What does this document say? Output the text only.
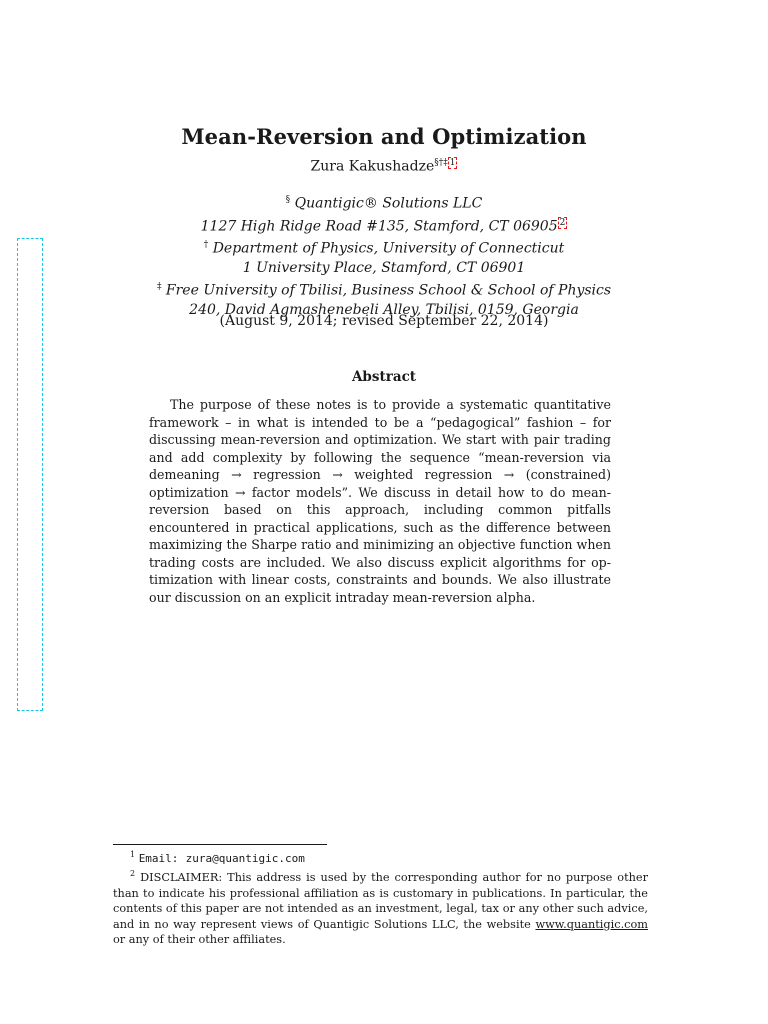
Mean-Reversion and Optimization
Zura Kakushadze§†‡ $^1$
§ Quantigic® Solutions LLC
1127 High Ridge Road #135, Stamford, CT 06905 $^2$
† Department of Physics, University of Connecticut
1 University Place, Stamford, CT 06901
‡ Free University of Tbilisi, Business School & School of Physics
240, David Agmashenebeli Alley, Tbilisi, 0159, Georgia
(August 9, 2014; revised September 22, 2014)
Abstract
The purpose of these notes is to provide a systematic quantitative framework – in what is intended to be a “pedagogical” fashion – for discussing mean-reversion and optimization. We start with pair trading and add complexity by following the sequence “mean-reversion via demeaning → regression → weighted regression → (constrained) optimization → factor models”. We discuss in detail how to do mean-reversion based on this approach, including common pitfalls encountered in practical applications, such as the difference between maximizing the Sharpe ratio and minimizing an objective function when trading costs are included. We also discuss explicit algorithms for optimization with linear costs, constraints and bounds. We also illustrate our discussion on an explicit intraday mean-reversion alpha.
$^1$ Email: zura@quantigic.com
$^2$ DISCLAIMER: This address is used by the corresponding author for no purpose other than to indicate his professional affiliation as is customary in publications. In particular, the contents of this paper are not intended as an investment, legal, tax or any other such advice, and in no way represent views of Quantigic Solutions LLC, the website www.quantigic.com or any of their other affiliates.
